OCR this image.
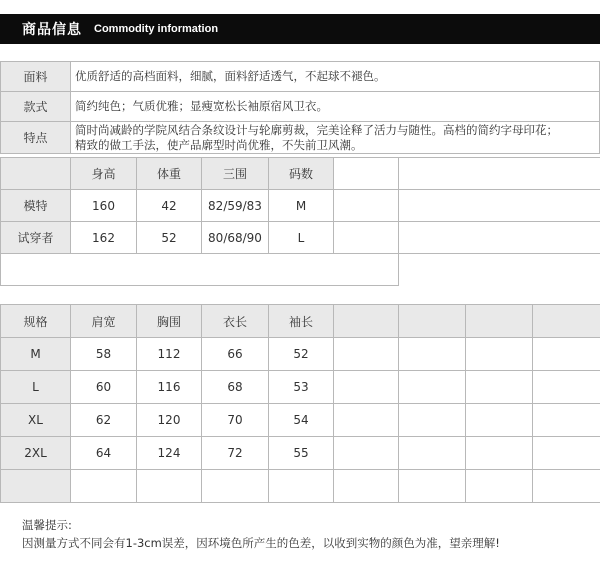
商品信息 Commodity information
面料	优质舒适的高档面料，细腻，面料舒适透气，不起球不褪色。
款式	简约纯色；气质优雅；显瘦宽松长袖原宿风卫衣。
特点	简时尚减龄的学院风结合条纹设计与轮廓剪裁，完美诠释了活力与随性。高档的简约字母印花；
精致的做工手法，使产品廓型时尚优雅，不失前卫风潮。
	身高	体重	三围	码数		
模特	160	42	82/59/83	M		
试穿者	162	52	80/68/90	L		

规格	肩宽	胸围	衣长	袖长				
M	58	112	66	52				
L	60	116	68	53				
XL	62	120	70	54				
2XL	64	124	72	55				

温馨提示:
因测量方式不同会有1-3cm误差，因环境色所产生的色差，以收到实物的颜色为准，望亲理解!
